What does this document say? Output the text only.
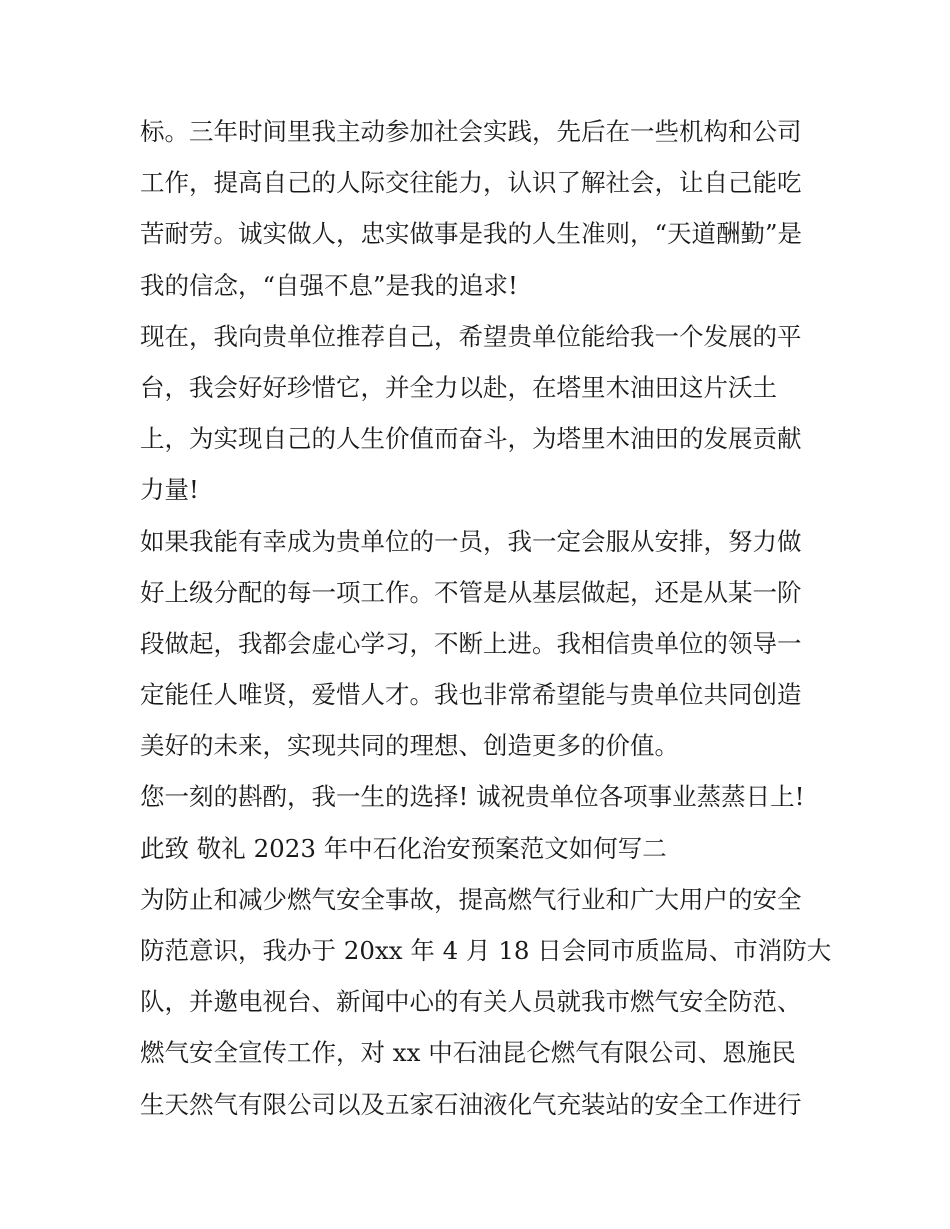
标。三年时间里我主动参加社会实践，先后在一些机构和公司
工作，提高自己的人际交往能力，认识了解社会，让自己能吃
苦耐劳。诚实做人，忠实做事是我的人生准则，“天道酬勤”是
我的信念，“自强不息”是我的追求!
现在，我向贵单位推荐自己，希望贵单位能给我一个发展的平
台，我会好好珍惜它，并全力以赴，在塔里木油田这片沃土
上，为实现自己的人生价值而奋斗，为塔里木油田的发展贡献
力量!
如果我能有幸成为贵单位的一员，我一定会服从安排，努力做
好上级分配的每一项工作。不管是从基层做起，还是从某一阶
段做起，我都会虚心学习，不断上进。我相信贵单位的领导一
定能任人唯贤，爱惜人才。我也非常希望能与贵单位共同创造
美好的未来，实现共同的理想、创造更多的价值。
您一刻的斟酌，我一生的选择! 诚祝贵单位各项事业蒸蒸日上!
此致 敬礼 2023 年中石化治安预案范文如何写二
为防止和减少燃气安全事故，提高燃气行业和广大用户的安全
防范意识，我办于 20xx 年 4 月 18 日会同市质监局、市消防大
队，并邀电视台、新闻中心的有关人员就我市燃气安全防范、
燃气安全宣传工作，对 xx 中石油昆仑燃气有限公司、恩施民
生天然气有限公司以及五家石油液化气充装站的安全工作进行
